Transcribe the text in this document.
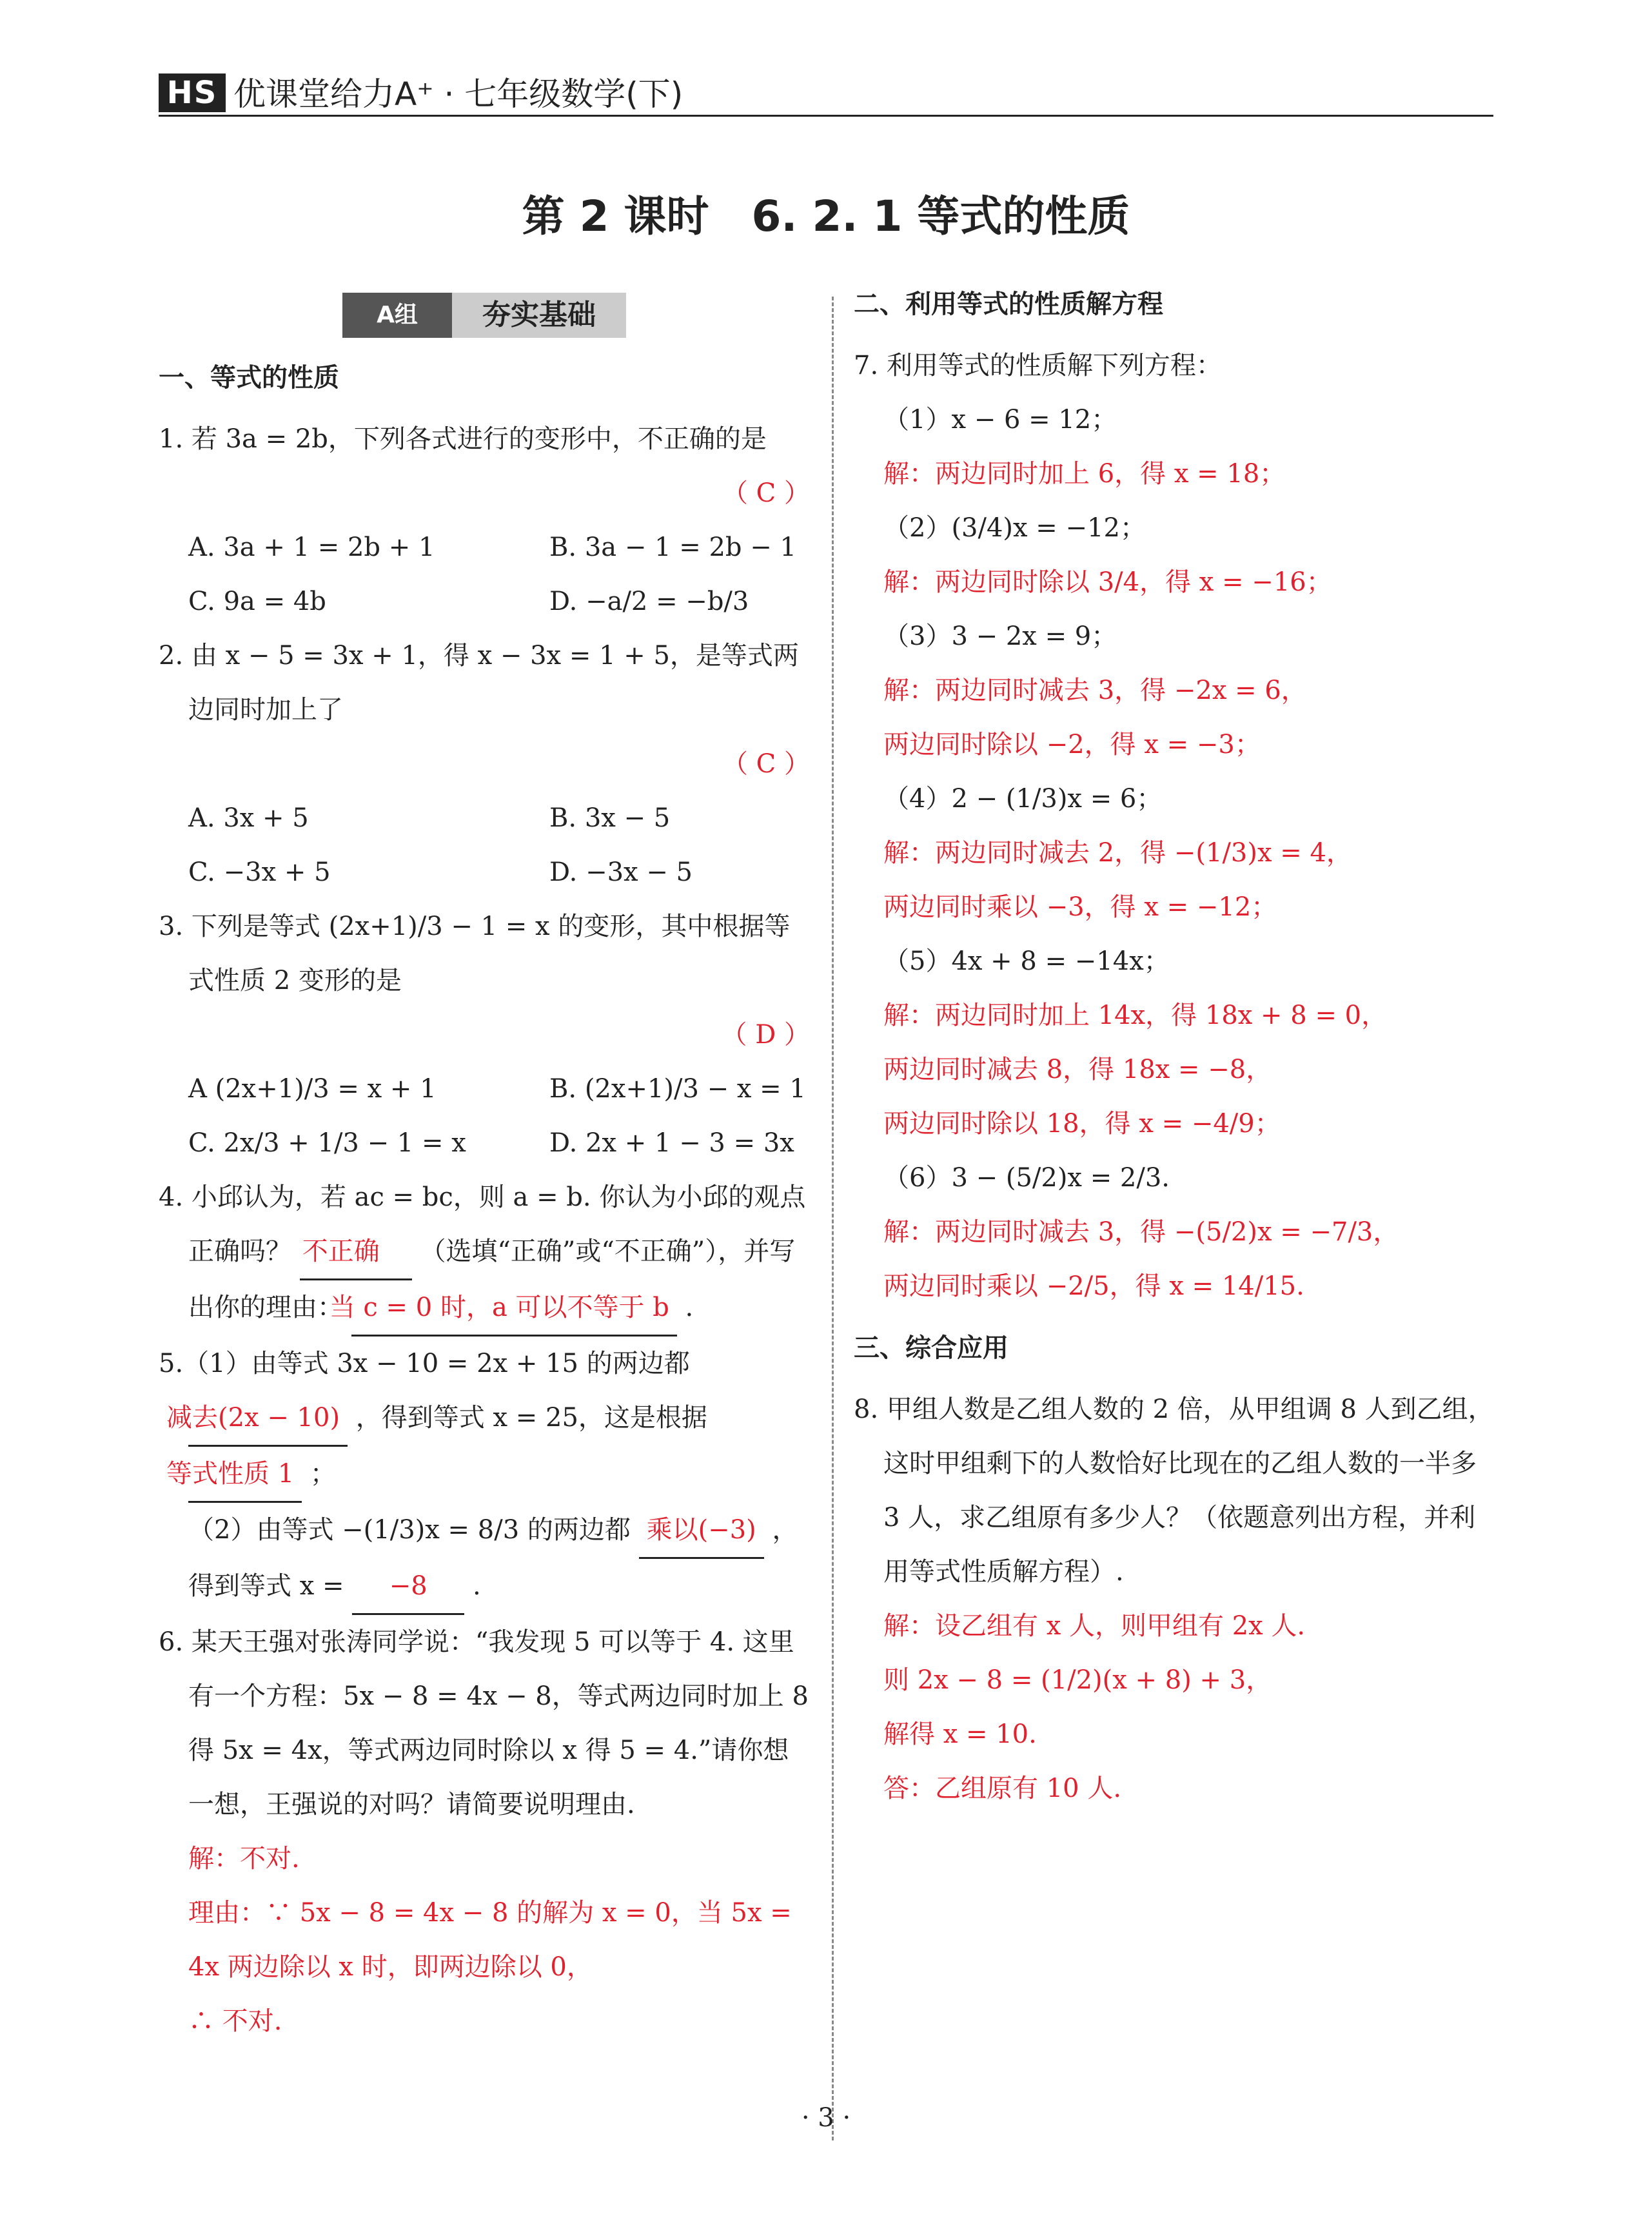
HS 优课堂给力A⁺ · 七年级数学(下)
第 2 课时　6. 2. 1 等式的性质
A组	夯实基础
一、等式的性质
1. 若 3a = 2b，下列各式进行的变形中，不正确的是
（ C ）
A. 3a + 1 = 2b + 1	B. 3a − 1 = 2b − 1
C. 9a = 4b	D. −a/2 = −b/3
2. 由 x − 5 = 3x + 1，得 x − 3x = 1 + 5，是等式两边同时加上了
（ C ）
A. 3x + 5	B. 3x − 5
C. −3x + 5	D. −3x − 5
3. 下列是等式 (2x+1)/3 − 1 = x 的变形，其中根据等式性质 2 变形的是
（ D ）
A (2x+1)/3 = x + 1	B. (2x+1)/3 − x = 1
C. 2x/3 + 1/3 − 1 = x	D. 2x + 1 − 3 = 3x
4. 小邱认为，若 ac = bc，则 a = b. 你认为小邱的观点正确吗？ 不正确 （选填“正确”或“不正确”），并写出你的理由： 当 c = 0 时，a 可以不等于 b .
5.（1）由等式 3x − 10 = 2x + 15 的两边都 减去(2x − 10) ，得到等式 x = 25，这是根据 等式性质 1 ；
（2）由等式 −(1/3)x = 8/3 的两边都 乘以(−3) ，得到等式 x = −8 .
6. 某天王强对张涛同学说：“我发现 5 可以等于 4. 这里有一个方程：5x − 8 = 4x − 8，等式两边同时加上 8 得 5x = 4x，等式两边同时除以 x 得 5 = 4.”请你想一想，王强说的对吗？请简要说明理由.
解：不对.
理由：∵ 5x − 8 = 4x − 8 的解为 x = 0，当 5x = 4x 两边除以 x 时，即两边除以 0，
∴ 不对.
二、利用等式的性质解方程
7. 利用等式的性质解下列方程：
（1）x − 6 = 12；
解：两边同时加上 6，得 x = 18；
（2）(3/4)x = −12；
解：两边同时除以 3/4，得 x = −16；
（3）3 − 2x = 9；
解：两边同时减去 3，得 −2x = 6，
两边同时除以 −2，得 x = −3；
（4）2 − (1/3)x = 6；
解：两边同时减去 2，得 −(1/3)x = 4，
两边同时乘以 −3，得 x = −12；
（5）4x + 8 = −14x；
解：两边同时加上 14x，得 18x + 8 = 0，
两边同时减去 8，得 18x = −8，
两边同时除以 18，得 x = −4/9；
（6）3 − (5/2)x = 2/3.
解：两边同时减去 3，得 −(5/2)x = −7/3，
两边同时乘以 −2/5，得 x = 14/15.
三、综合应用
8. 甲组人数是乙组人数的 2 倍，从甲组调 8 人到乙组，这时甲组剩下的人数恰好比现在的乙组人数的一半多 3 人，求乙组原有多少人？（依题意列出方程，并利用等式性质解方程）.
解：设乙组有 x 人，则甲组有 2x 人.
则 2x − 8 = (1/2)(x + 8) + 3，
解得 x = 10.
答：乙组原有 10 人.
· 3 ·
